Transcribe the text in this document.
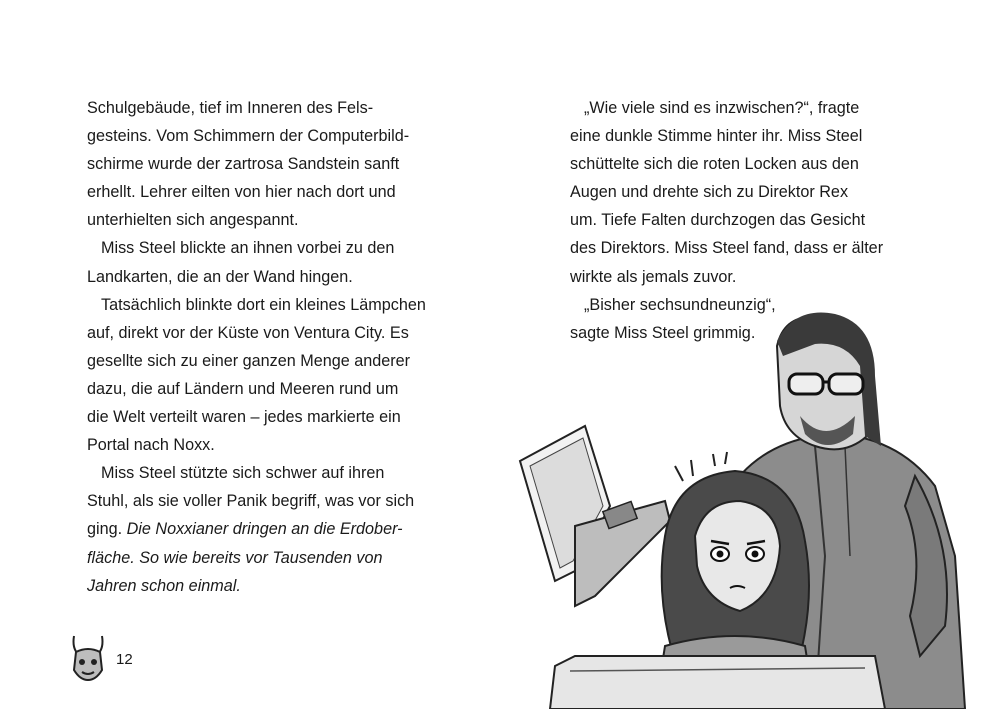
Schulgebäude, tief im Inneren des Fels-
gesteins. Vom Schimmern der Computerbild-
schirme wurde der zartrosa Sandstein sanft
erhellt. Lehrer eilten von hier nach dort und
unterhielten sich angespannt.

Miss Steel blickte an ihnen vorbei zu den
Landkarten, die an der Wand hingen.

Tatsächlich blinkte dort ein kleines Lämpchen
auf, direkt vor der Küste von Ventura City. Es
gesellte sich zu einer ganzen Menge anderer
dazu, die auf Ländern und Meeren rund um
die Welt verteilt waren – jedes markierte ein
Portal nach Noxx.

Miss Steel stützte sich schwer auf ihren
Stuhl, als sie voller Panik begriff, was vor sich
ging. Die Noxxianer dringen an die Erdober-
fläche. So wie bereits vor Tausenden von
Jahren schon einmal.

„Wie viele sind es inzwischen?“, fragte
eine dunkle Stimme hinter ihr. Miss Steel
schüttelte sich die roten Locken aus den
Augen und drehte sich zu Direktor Rex
um. Tiefe Falten durchzogen das Gesicht
des Direktors. Miss Steel fand, dass er älter
wirkte als jemals zuvor.

„Bisher sechsundneunzig“,
sagte Miss Steel grimmig.

12
